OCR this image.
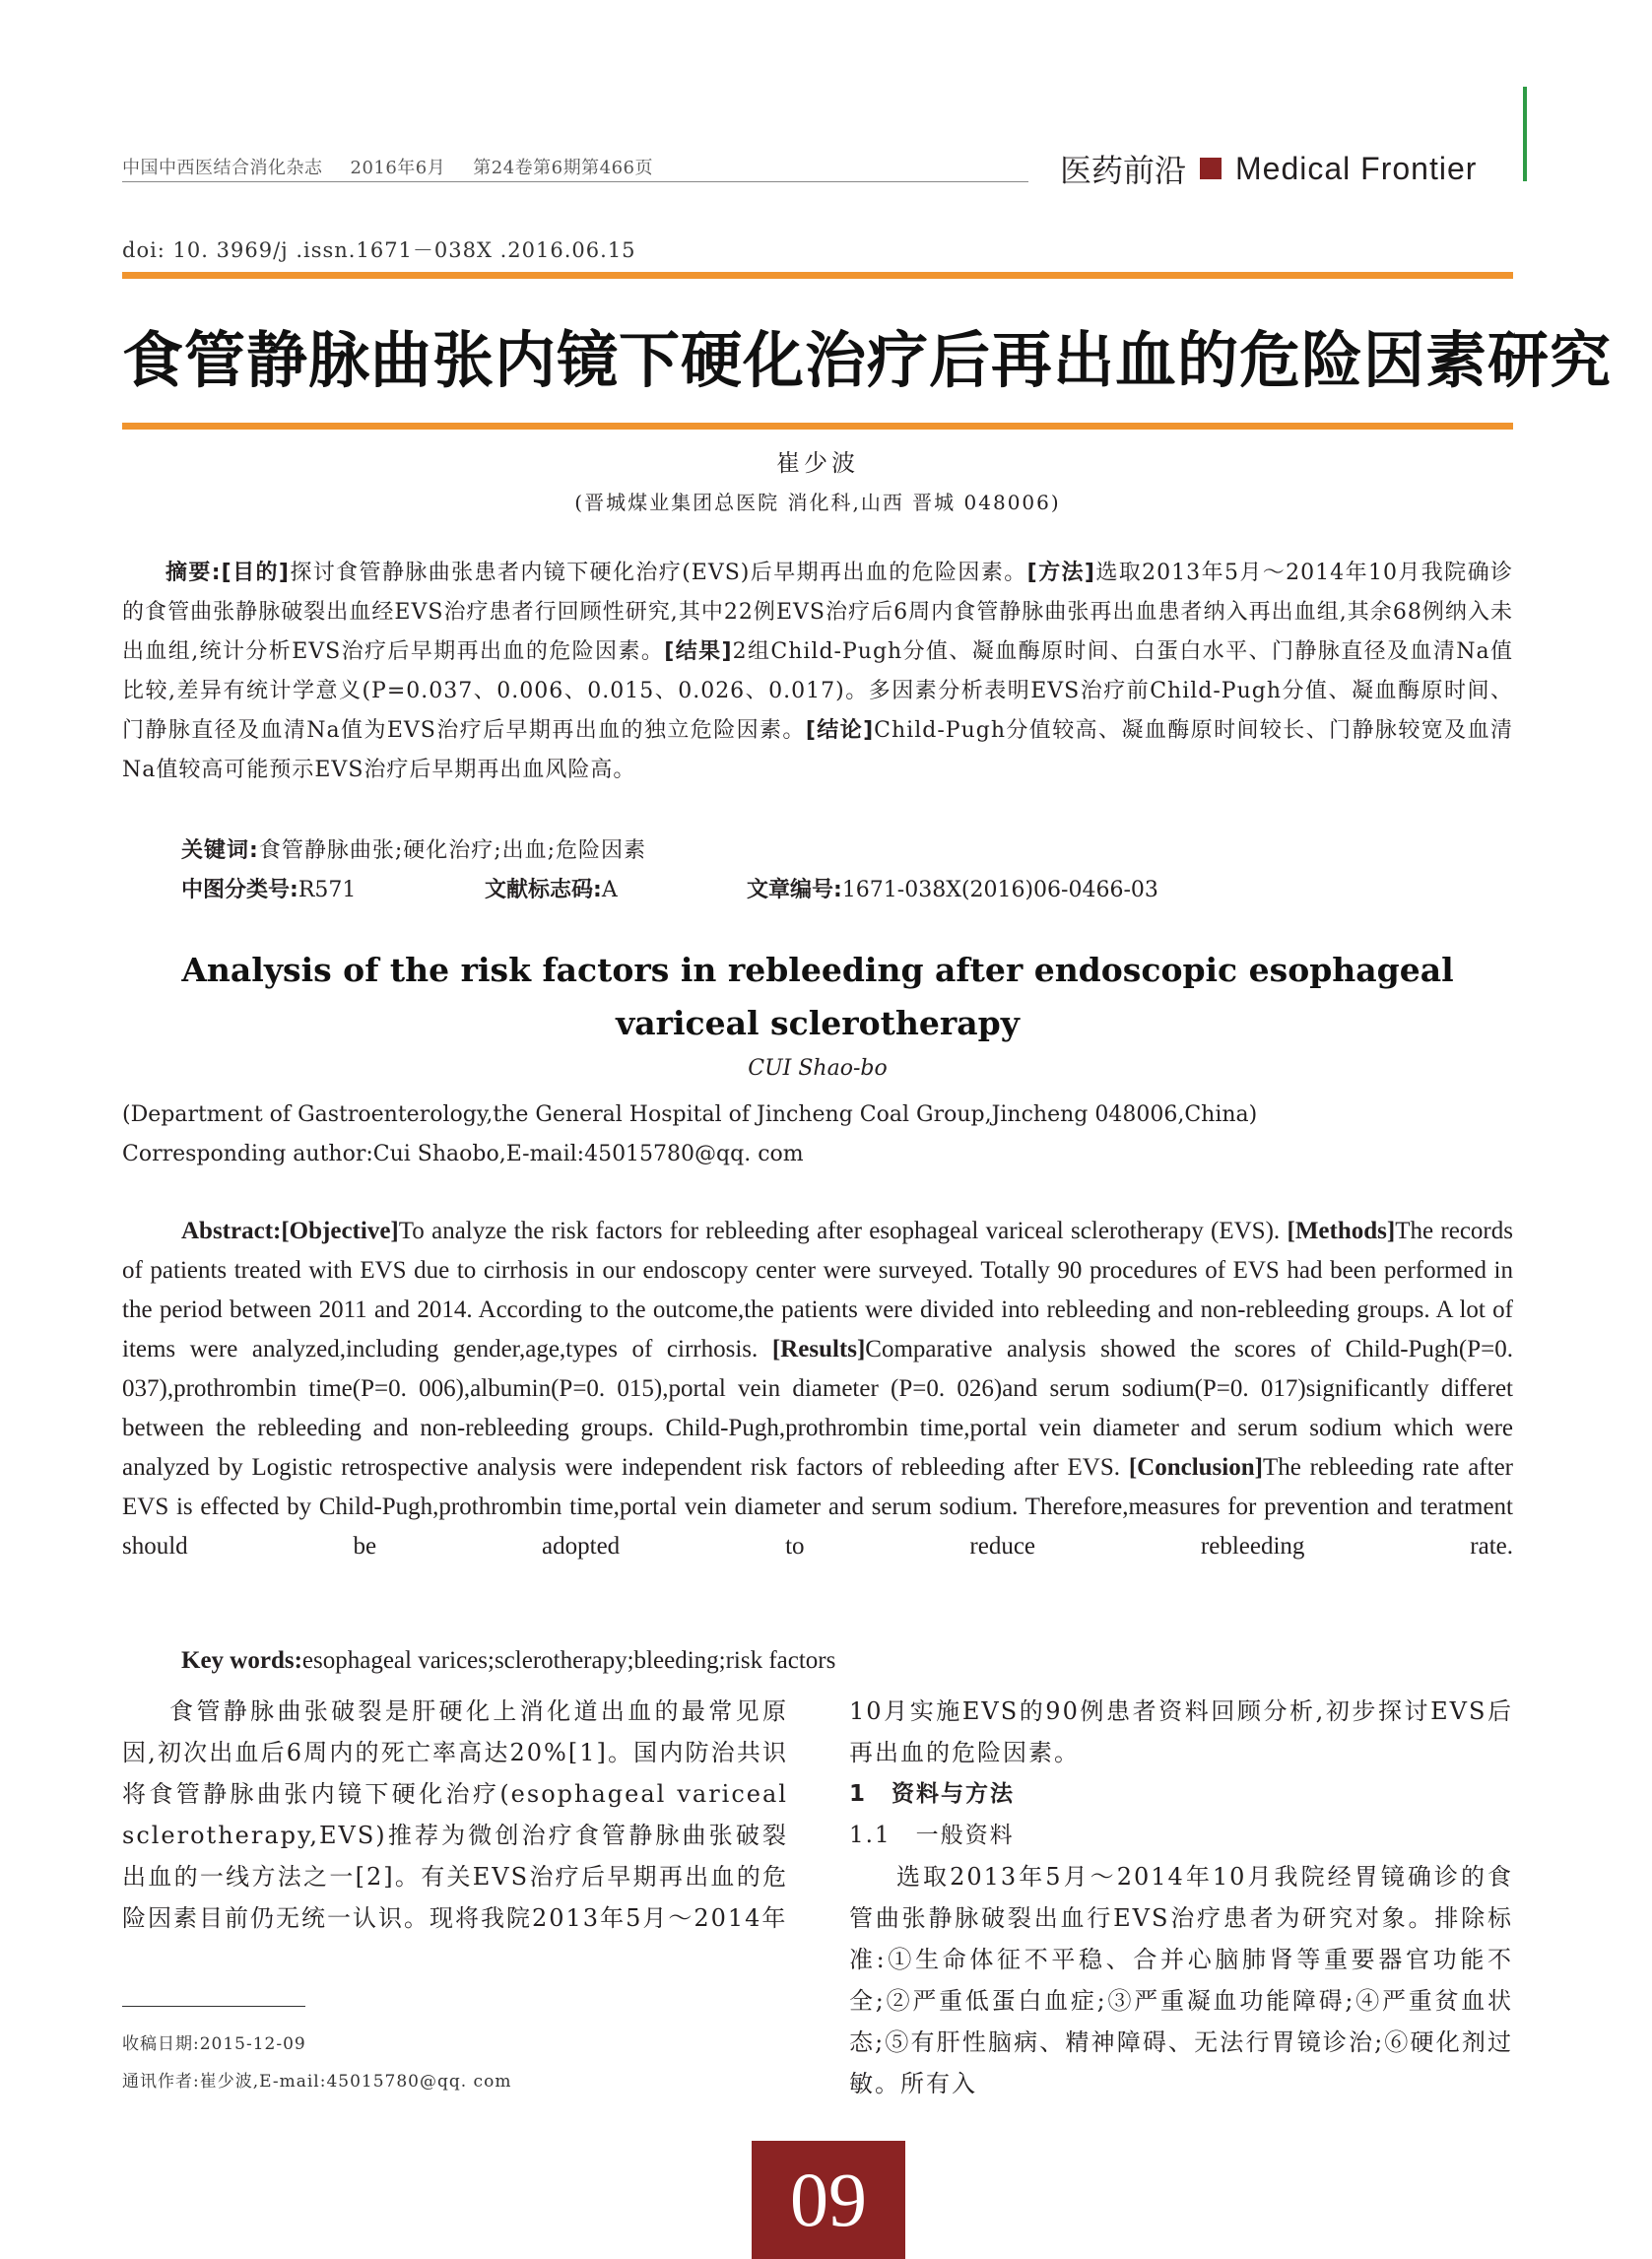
中国中西医结合消化杂志 2016年6月 第24卷第6期第466页	医药前沿 Medical Frontier
doi: 10. 3969/j .issn.1671－038X .2016.06.15
食管静脉曲张内镜下硬化治疗后再出血的危险因素研究
崔少波
(晋城煤业集团总医院 消化科,山西 晋城 048006)

摘要:[目的]探讨食管静脉曲张患者内镜下硬化治疗(EVS)后早期再出血的危险因素。[方法]选取2013年5月～2014年10月我院确诊的食管曲张静脉破裂出血经EVS治疗患者行回顾性研究,其中22例EVS治疗后6周内食管静脉曲张再出血患者纳入再出血组,其余68例纳入未出血组,统计分析EVS治疗后早期再出血的危险因素。[结果]2组Child-Pugh分值、凝血酶原时间、白蛋白水平、门静脉直径及血清Na值比较,差异有统计学意义(P=0.037、0.006、0.015、0.026、0.017)。多因素分析表明EVS治疗前Child-Pugh分值、凝血酶原时间、门静脉直径及血清Na值为EVS治疗后早期再出血的独立危险因素。[结论]Child-Pugh分值较高、凝血酶原时间较长、门静脉较宽及血清Na值较高可能预示EVS治疗后早期再出血风险高。

关键词:食管静脉曲张;硬化治疗;出血;危险因素
中图分类号:R571	文献标志码:A	文章编号:1671-038X(2016)06-0466-03
Analysis of the risk factors in rebleeding after endoscopic esophageal variceal sclerotherapy
CUI Shao-bo
(Department of Gastroenterology,the General Hospital of Jincheng Coal Group,Jincheng 048006,China)
Corresponding author:Cui Shaobo,E-mail:45015780@qq. com

Abstract:[Objective]To analyze the risk factors for rebleeding after esophageal variceal sclerotherapy (EVS). [Methods]The records of patients treated with EVS due to cirrhosis in our endoscopy center were surveyed. Totally 90 procedures of EVS had been performed in the period between 2011 and 2014. According to the outcome,the patients were divided into rebleeding and non-rebleeding groups. A lot of items were analyzed,including gender,age,types of cirrhosis. [Results]Comparative analysis showed the scores of Child-Pugh(P=0. 037),prothrombin time(P=0. 006),albumin(P=0. 015),portal vein diameter (P=0. 026)and serum sodium(P=0. 017)significantly differet between the rebleeding and non-rebleeding groups. Child-Pugh,prothrombin time,portal vein diameter and serum sodium which were analyzed by Logistic retrospective analysis were independent risk factors of rebleeding after EVS. [Conclusion]The rebleeding rate after EVS is effected by Child-Pugh,prothrombin time,portal vein diameter and serum sodium. Therefore,measures for prevention and teratment should be adopted to reduce rebleeding rate.

Key words:esophageal varices;sclerotherapy;bleeding;risk factors

食管静脉曲张破裂是肝硬化上消化道出血的最常见原因,初次出血后6周内的死亡率高达20%[1]。国内防治共识将食管静脉曲张内镜下硬化治疗(esophageal variceal sclerotherapy,EVS)推荐为微创治疗食管静脉曲张破裂出血的一线方法之一[2]。有关EVS治疗后早期再出血的危险因素目前仍无统一认识。现将我院2013年5月～2014年

10月实施EVS的90例患者资料回顾分析,初步探讨EVS后再出血的危险因素。

1　资料与方法

1.1　一般资料

选取2013年5月～2014年10月我院经胃镜确诊的食管曲张静脉破裂出血行EVS治疗患者为研究对象。排除标准:①生命体征不平稳、合并心脑肺肾等重要器官功能不全;②严重低蛋白血症;③严重凝血功能障碍;④严重贫血状态;⑤有肝性脑病、精神障碍、无法行胃镜诊治;⑥硬化剂过敏。所有入

收稿日期:2015-12-09
通讯作者:崔少波,E-mail:45015780@qq. com
09
